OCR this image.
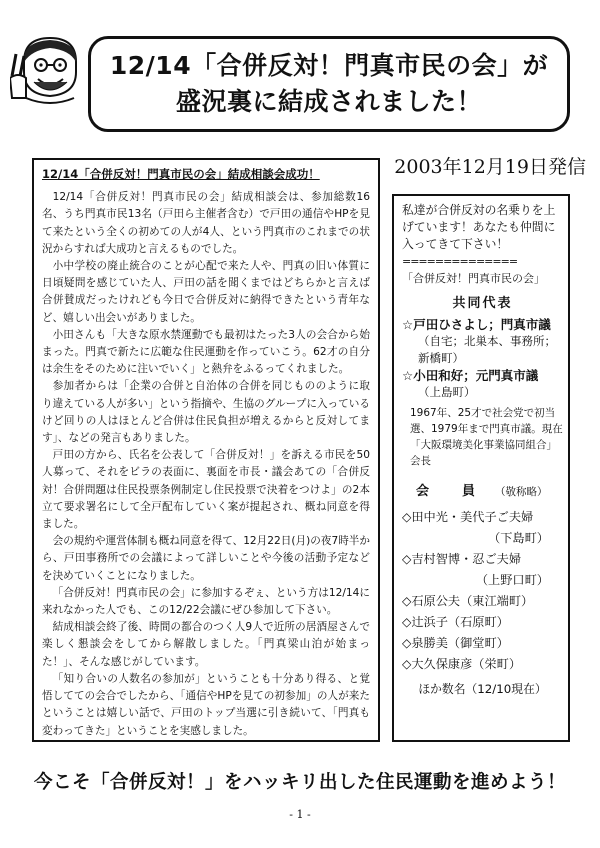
12/14「合併反対！門真市民の会」が
盛況裏に結成されました！
2003年12月19日発信
12/14「合併反対！門真市民の会」結成相談会成功！

12/14「合併反対！門真市民の会」結成相談会は、参加総数16名、うち門真市民13名（戸田ら主催者含む）で戸田の通信やHPを見て来たという全くの初めての人が4人、という門真市のこれまでの状況からすれば大成功と言えるものでした。

小中学校の廃止統合のことが心配で来た人や、門真の旧い体質に日頃疑問を感じていた人、戸田の話を聞くまではどちらかと言えば合併賛成だったけれども今日で合併反対に納得できたという青年など、嬉しい出会いがありました。

小田さんも「大きな原水禁運動でも最初はたった3人の会合から始まった。門真で新たに広範な住民運動を作っていこう。62才の自分は余生をそのために注いでいく」と熱弁をふるってくれました。

参加者からは「企業の合併と自治体の合併を同じもののように取り違えている人が多い」という指摘や、生協のグループに入っているけど回りの人はほとんど合併は住民負担が増えるからと反対してます」、などの発言もありました。

戸田の方から、氏名を公表して「合併反対！」を訴える市民を50人募って、それをビラの表面に、裏面を市長・議会あての「合併反対！合併問題は住民投票条例制定し住民投票で決着をつけよ」の2本立て要求署名にして全戸配布していく案が提起され、概ね同意を得ました。

会の規約や運営体制も概ね同意を得て、12月22日(月)の夜7時半から、戸田事務所での会議によって詳しいことや今後の活動予定などを決めていくことになりました。

「合併反対！門真市民の会」に参加するぞぇ、という方は12/14に来れなかった人でも、この12/22会議にぜひ参加して下さい。

結成相談会終了後、時間の都合のつく人9人で近所の居酒屋さんで楽しく懇談会をしてから解散しました。「門真梁山泊が始まった！」、そんな感じがしています。

「知り合いの人数名の参加が」ということも十分あり得る、と覚悟してての会合でしたから、「通信やHPを見ての初参加」の人が来たということは嬉しい話で、戸田のトップ当選に引き続いて、「門真も変わってきた」ということを実感しました。

私達が合併反対の名乗りを上げています！あなたも仲間に入ってきて下さい！

==============

「合併反対！門真市民の会」

共同代表

☆戸田ひさよし；門真市議

（自宅；北巣本、事務所；新橋町）

☆小田和好；元門真市議

（上島町）

1967年、25才で社会党で初当選、1979年まで門真市議。現在「大阪環境美化事業協同組合」会長

会　員 （敬称略）

◇田中光・美代子ご夫婦

（下島町）

◇吉村智博・忍ご夫婦

（上野口町）

◇石原公夫（東江端町）

◇辻浜子（石原町）

◇泉勝美（御堂町）

◇大久保康彦（栄町）

ほか数名（12/10現在）

今こそ「合併反対！」をハッキリ出した住民運動を進めよう！
- 1 -
